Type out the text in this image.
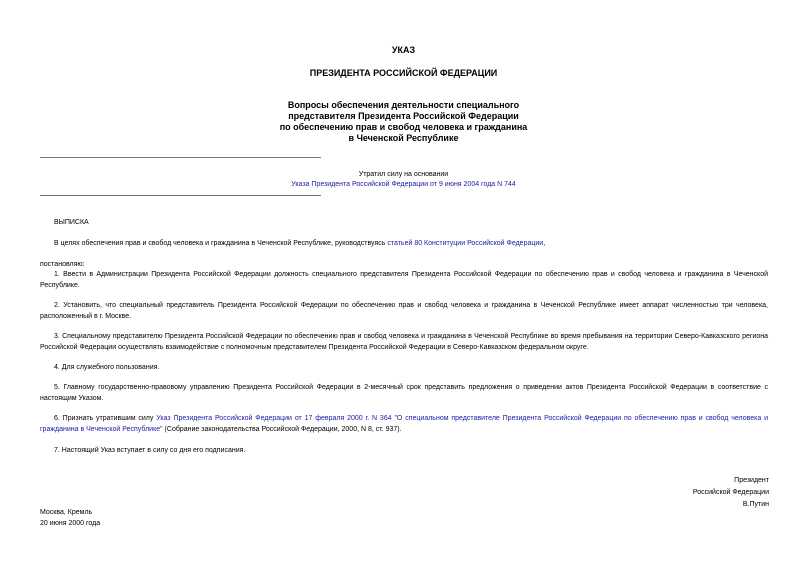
УКАЗ
ПРЕЗИДЕНТА РОССИЙСКОЙ ФЕДЕРАЦИИ
Вопросы обеспечения деятельности специального
представителя Президента Российской Федерации
по обеспечению прав и свобод человека и гражданина
в Чеченской Республике
Утратил силу на основании
Указа Президента Российской Федерации от 9 июня 2004 года N 744
ВЫПИСКА
В целях обеспечения прав и свобод человека и гражданина в Чеченской Республике, руководствуясь статьей 80 Конституции Российской Федерации,
постановляю:
1. Ввести в Администрации Президента Российской Федерации должность специального представителя Президента Российской Федерации по обеспечению прав и свобод человека и гражданина в Чеченской Республике.
2. Установить, что специальный представитель Президента Российской Федерации по обеспечению прав и свобод человека и гражданина в Чеченской Республике имеет аппарат численностью три человека, расположенный в г. Москве.
3. Специальному представителю Президента Российской Федерации по обеспечению прав и свобод человека и гражданина в Чеченской Республике во время пребывания на территории Северо-Кавказского региона Российской Федерации осуществлять взаимодействие с полномочным представителем Президента Российской Федерации в Северо-Кавказском федеральном округе.
4. Для служебного пользования.
5. Главному государственно-правовому управлению Президента Российской Федерации в 2-месячный срок представить предложения о приведении актов Президента Российской Федерации в соответствие с настоящим Указом.
6. Признать утратившим силу Указ Президента Российской Федерации от 17 февраля 2000 г. N 364 "О специальном представителе Президента Российской Федерации по обеспечению прав и свобод человека и гражданина в Чеченской Республике" (Собрание законодательства Российской Федерации, 2000, N 8, ст. 937).
7. Настоящий Указ вступает в силу со дня его подписания.
Президент
Российской Федерации
В.Путин
Москва, Кремль
20 июня 2000 года
